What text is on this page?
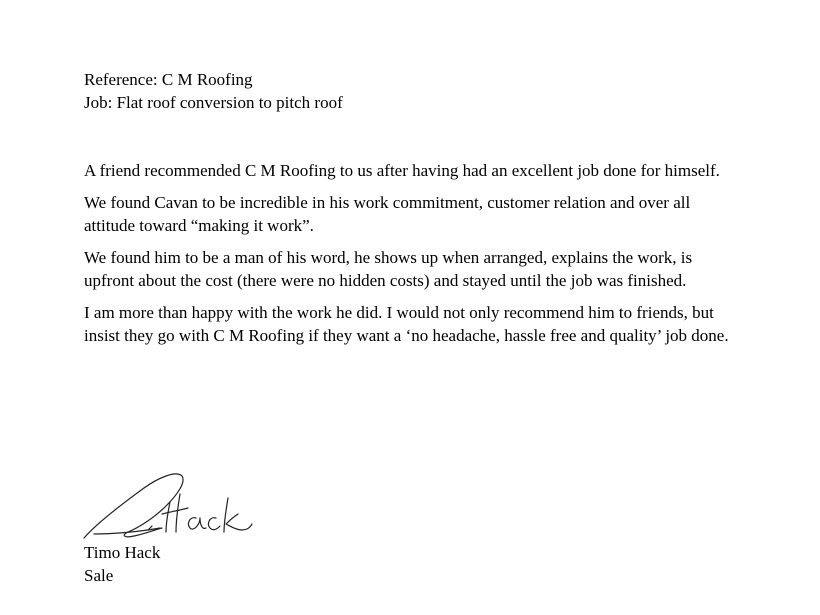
Reference: C M Roofing
Job: Flat roof conversion to pitch roof

A friend recommended C M Roofing to us after having had an excellent job done for himself.

We found Cavan to be incredible in his work commitment, customer relation and over all attitude toward “making it work”.

We found him to be a man of his word, he shows up when arranged, explains the work, is upfront about the cost (there were no hidden costs) and stayed until the job was finished.

I am more than happy with the work he did. I would not only recommend him to friends, but insist they go with C M Roofing if they want a ‘no headache, hassle free and quality’ job done.

Timo Hack
Sale
